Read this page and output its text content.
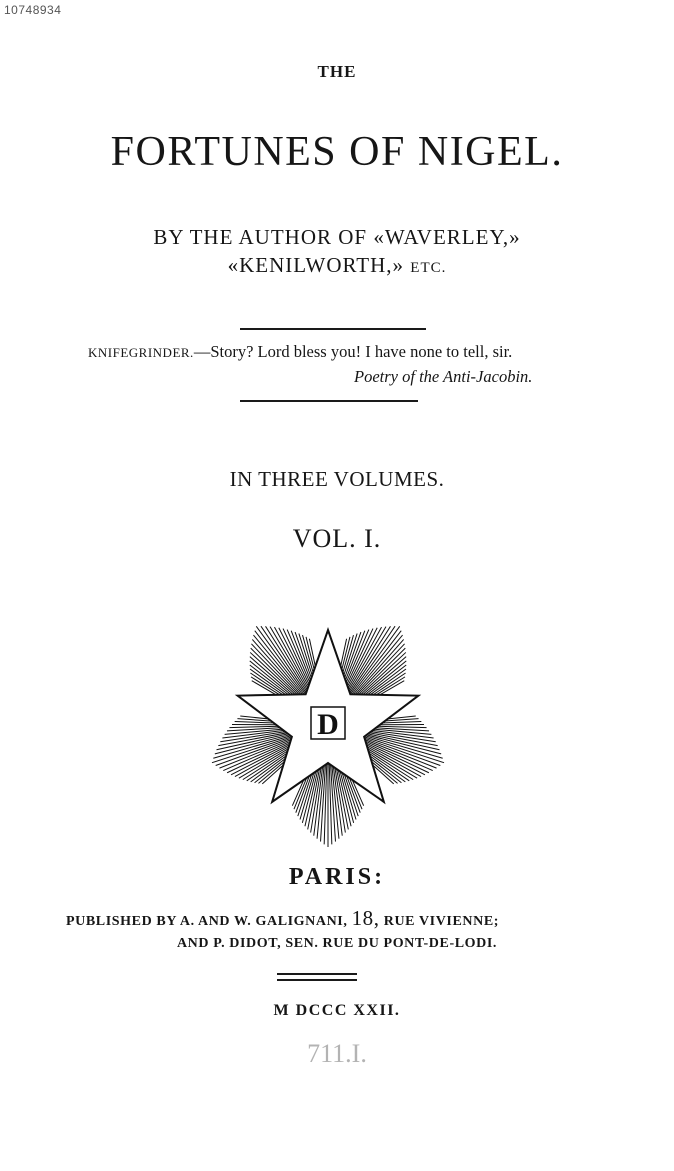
10748934
THE
FORTUNES OF NIGEL.
BY THE AUTHOR OF «WAVERLEY,»
«KENILWORTH,» ETC.
KNIFEGRINDER.—Story? Lord bless you! I have none to tell, sir.
Poetry of the Anti-Jacobin.
IN THREE VOLUMES.
VOL. I.
D
PARIS:
PUBLISHED BY A. AND W. GALIGNANI, 18, RUE VIVIENNE;
AND P. DIDOT, SEN. RUE DU PONT-DE-LODI.
M DCCC XXII.
711.I.
